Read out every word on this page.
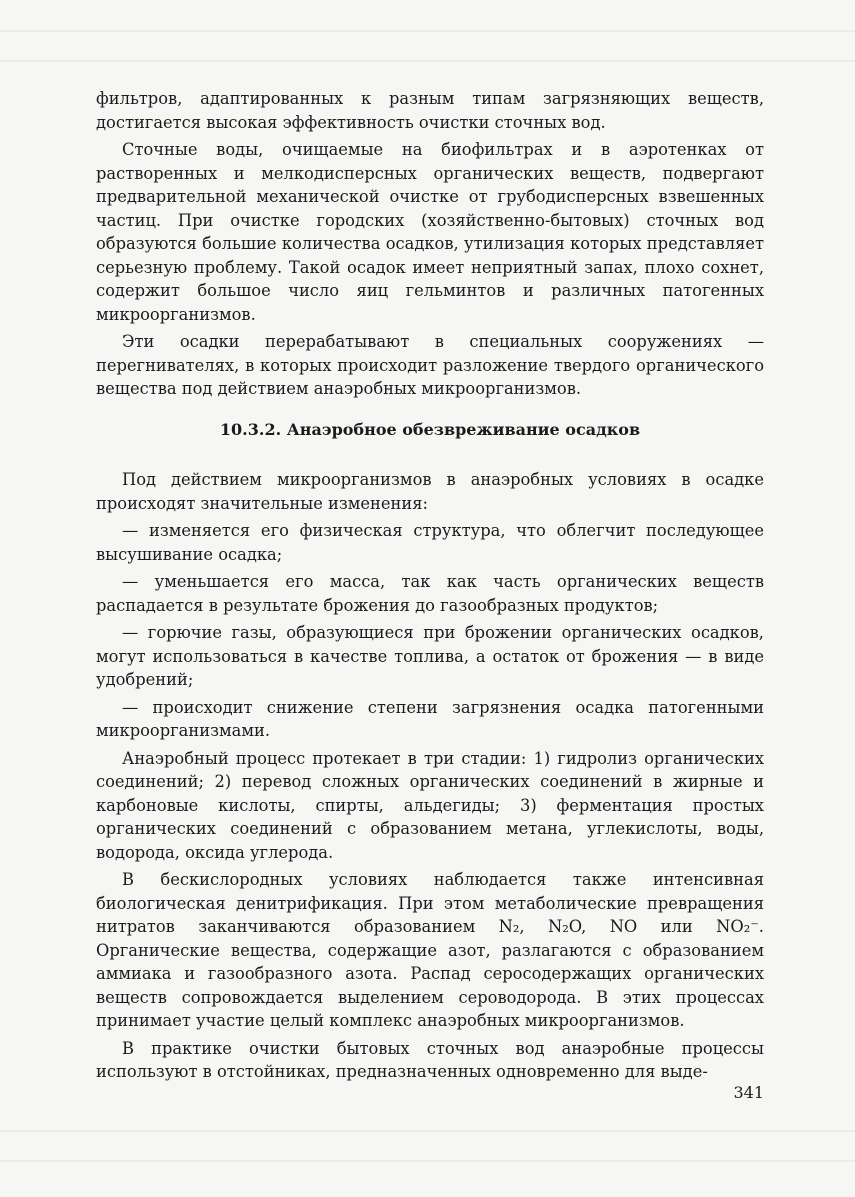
фильтров, адаптированных к разным типам загрязняющих веществ, достигается высокая эффективность очистки сточных вод.

Сточные воды, очищаемые на биофильтрах и в аэротенках от растворенных и мелкодисперсных органических веществ, подвергают предварительной механической очистке от грубодисперсных взвешенных частиц. При очистке городских (хозяйственно-бытовых) сточных вод образуются большие количества осадков, утилизация которых представляет серьезную проблему. Такой осадок имеет неприятный запах, плохо сохнет, содержит большое число яиц гельминтов и различных патогенных микроорганизмов.

Эти осадки перерабатывают в специальных сооружениях — перегнивателях, в которых происходит разложение твердого органического вещества под действием анаэробных микроорганизмов.

10.3.2. Анаэробное обезвреживание осадков

Под действием микроорганизмов в анаэробных условиях в осадке происходят значительные изменения:

— изменяется его физическая структура, что облегчит последующее высушивание осадка;

— уменьшается его масса, так как часть органических веществ распадается в результате брожения до газообразных продуктов;

— горючие газы, образующиеся при брожении органических осадков, могут использоваться в качестве топлива, а остаток от брожения — в виде удобрений;

— происходит снижение степени загрязнения осадка патогенными микроорганизмами.

Анаэробный процесс протекает в три стадии: 1) гидролиз органических соединений; 2) перевод сложных органических соединений в жирные и карбоновые кислоты, спирты, альдегиды; 3) ферментация простых органических соединений с образованием метана, углекислоты, воды, водорода, оксида углерода.

В бескислородных условиях наблюдается также интенсивная биологическая денитрификация. При этом метаболические превращения нитратов заканчиваются образованием N₂, N₂O, NO или NO₂⁻. Органические вещества, содержащие азот, разлагаются с образованием аммиака и газообразного азота. Распад серосодержащих органических веществ сопровождается выделением сероводорода. В этих процессах принимает участие целый комплекс анаэробных микроорганизмов.

В практике очистки бытовых сточных вод анаэробные процессы используют в отстойниках, предназначенных одновременно для выде-

341
